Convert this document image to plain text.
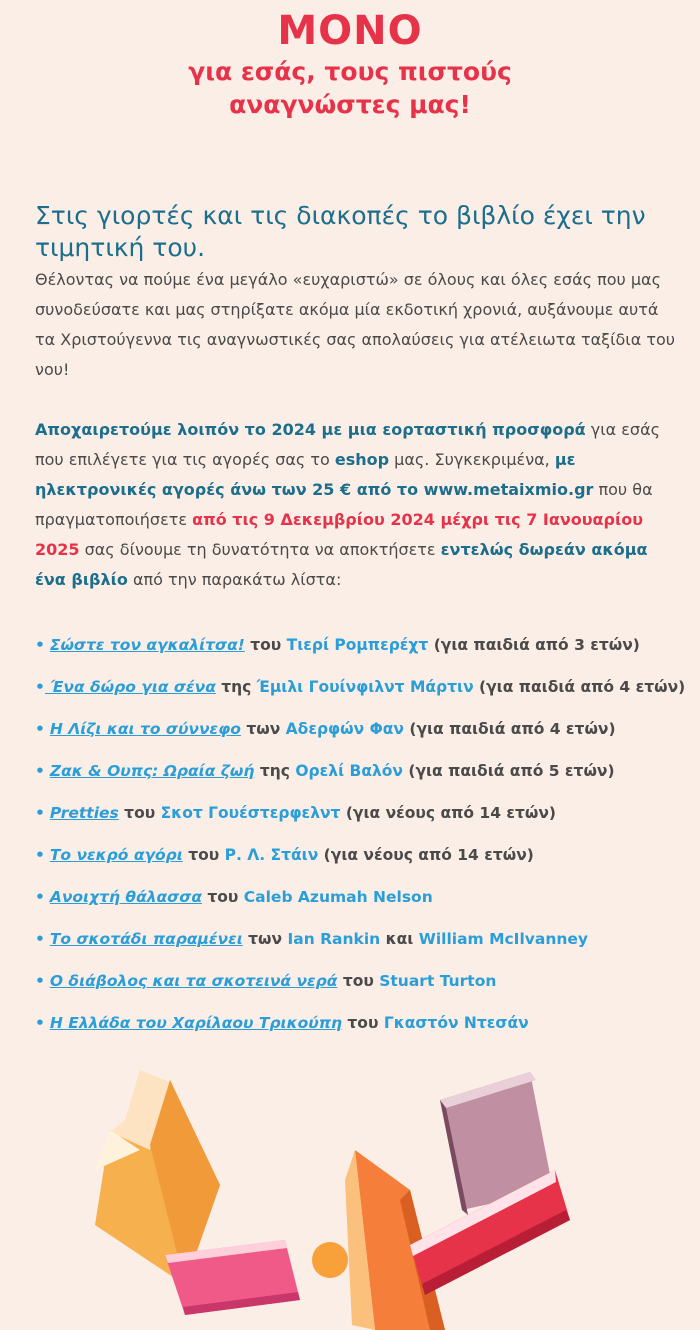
ΜΟΝΟ
για εσάς, τους πιστούς
αναγνώστες μας!
Στις γιορτές και τις διακοπές το βιβλίο έχει την τιμητική του.
Θέλοντας να πούμε ένα μεγάλο «ευχαριστώ» σε όλους και όλες εσάς που μας συνοδεύσατε και μας στηρίξατε ακόμα μία εκδοτική χρονιά, αυξάνουμε αυτά τα Χριστούγεννα τις αναγνωστικές σας απολαύσεις για ατέλειωτα ταξίδια του νου!
Αποχαιρετούμε λοιπόν το 2024 με μια εορταστική προσφορά για εσάς που επιλέγετε για τις αγορές σας το eshop μας. Συγκεκριμένα, με ηλεκτρονικές αγορές άνω των 25 € από το www.metaixmio.gr που θα πραγματοποιήσετε από τις 9 Δεκεμβρίου 2024 μέχρι τις 7 Ιανουαρίου 2025 σας δίνουμε τη δυνατότητα να αποκτήσετε εντελώς δωρεάν ακόμα ένα βιβλίο από την παρακάτω λίστα:
• Σώστε τον αγκαλίτσα! του Τιερί Ρομπερέχτ (για παιδιά από 3 ετών)
• Ένα δώρο για σένα της Έμιλι Γουίνφιλντ Μάρτιν (για παιδιά από 4 ετών)
• Η Λίζι και το σύννεφο των Αδερφών Φαν (για παιδιά από 4 ετών)
• Ζακ & Ουπς: Ωραία ζωή της Ορελί Βαλόν (για παιδιά από 5 ετών)
• Pretties του Σκοτ Γουέστερφελντ (για νέους από 14 ετών)
• Το νεκρό αγόρι του Ρ. Λ. Στάιν (για νέους από 14 ετών)
• Ανοιχτή θάλασσα του Caleb Azumah Nelson
• Το σκοτάδι παραμένει των Ian Rankin και William McIlvanney
• Ο διάβολος και τα σκοτεινά νερά του Stuart Turton
• Η Ελλάδα του Χαρίλαου Τρικούπη του Γκαστόν Ντεσάν
